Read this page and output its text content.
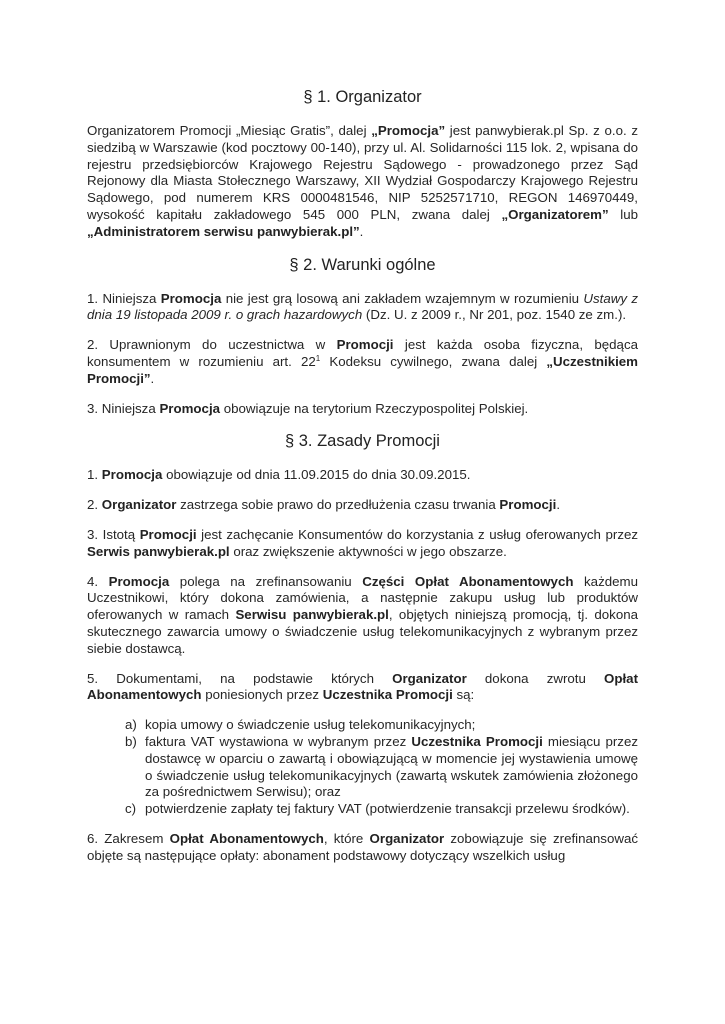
§ 1. Organizator

Organizatorem Promocji „Miesiąc Gratis”, dalej „Promocja” jest panwybierak.pl Sp. z o.o. z siedzibą w Warszawie (kod pocztowy 00-140), przy ul. Al. Solidarności 115 lok. 2, wpisana do rejestru przedsiębiorców Krajowego Rejestru Sądowego - prowadzonego przez Sąd Rejonowy dla Miasta Stołecznego Warszawy, XII Wydział Gospodarczy Krajowego Rejestru Sądowego, pod numerem KRS 0000481546, NIP 5252571710, REGON 146970449, wysokość kapitału zakładowego 545 000 PLN, zwana dalej „Organizatorem” lub „Administratorem serwisu panwybierak.pl”.

§ 2. Warunki ogólne

1. Niniejsza Promocja nie jest grą losową ani zakładem wzajemnym w rozumieniu Ustawy z dnia 19 listopada 2009 r. o grach hazardowych (Dz. U. z 2009 r., Nr 201, poz. 1540 ze zm.).

2. Uprawnionym do uczestnictwa w Promocji jest każda osoba fizyczna, będąca konsumentem w rozumieniu art. $22^1$ Kodeksu cywilnego, zwana dalej „Uczestnikiem Promocji”.

3. Niniejsza Promocja obowiązuje na terytorium Rzeczypospolitej Polskiej.

§ 3. Zasady Promocji

1. Promocja obowiązuje od dnia 11.09.2015 do dnia 30.09.2015.

2. Organizator zastrzega sobie prawo do przedłużenia czasu trwania Promocji.

3. Istotą Promocji jest zachęcanie Konsumentów do korzystania z usług oferowanych przez Serwis panwybierak.pl oraz zwiększenie aktywności w jego obszarze.

4. Promocja polega na zrefinansowaniu Części Opłat Abonamentowych każdemu Uczestnikowi, który dokona zamówienia, a następnie zakupu usług lub produktów oferowanych w ramach Serwisu panwybierak.pl, objętych niniejszą promocją, tj. dokona skutecznego zawarcia umowy o świadczenie usług telekomunikacyjnych z wybranym przez siebie dostawcą.

5. Dokumentami, na podstawie których Organizator dokona zwrotu Opłat Abonamentowych poniesionych przez Uczestnika Promocji są:

a) kopia umowy o świadczenie usług telekomunikacyjnych;
b) faktura VAT wystawiona w wybranym przez Uczestnika Promocji miesiącu przez dostawcę w oparciu o zawartą i obowiązującą w momencie jej wystawienia umowę o świadczenie usług telekomunikacyjnych (zawartą wskutek zamówienia złożonego za pośrednictwem Serwisu); oraz
c) potwierdzenie zapłaty tej faktury VAT (potwierdzenie transakcji przelewu środków).

6. Zakresem Opłat Abonamentowych, które Organizator zobowiązuje się zrefinansować objęte są następujące opłaty: abonament podstawowy dotyczący wszelkich usług
